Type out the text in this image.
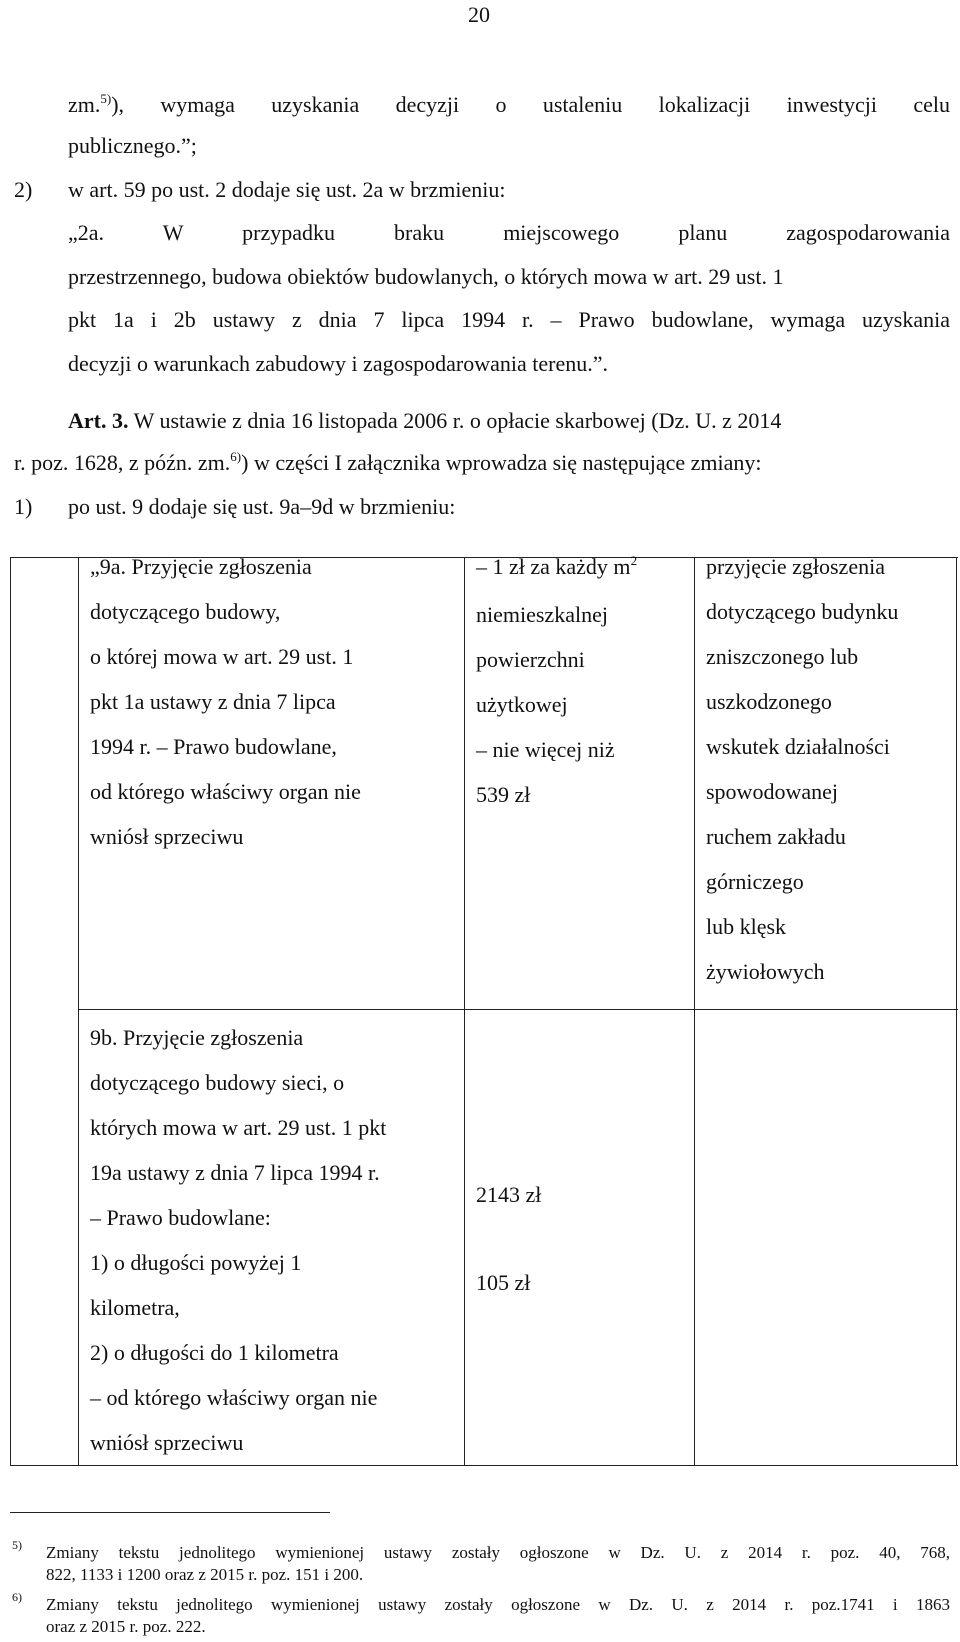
20
zm.$^{5)}$), wymaga uzyskania decyzji o ustaleniu lokalizacji inwestycji celu
publicznego.”;
2) w art. 59 po ust. 2 dodaje się ust. 2a w brzmieniu:
„2a. W przypadku braku miejscowego planu zagospodarowania
przestrzennego, budowa obiektów budowlanych, o których mowa w art. 29 ust. 1
pkt 1a i 2b ustawy z dnia 7 lipca 1994 r. – Prawo budowlane, wymaga uzyskania
decyzji o warunkach zabudowy i zagospodarowania terenu.”.
Art. 3. W ustawie z dnia 16 listopada 2006 r. o opłacie skarbowej (Dz. U. z 2014
r. poz. 1628, z późn. zm.$^{6)}$) w części I załącznika wprowadza się następujące zmiany:
1) po ust. 9 dodaje się ust. 9a–9d w brzmieniu:
„9a. Przyjęcie zgłoszenia
dotyczącego budowy,
o której mowa w art. 29 ust. 1
pkt 1a ustawy z dnia 7 lipca
1994 r. – Prawo budowlane,
od którego właściwy organ nie
wniósł sprzeciwu
– 1 zł za każdy $m^2$
niemieszkalnej
powierzchni
użytkowej
– nie więcej niż
539 zł
przyjęcie zgłoszenia
dotyczącego budynku
zniszczonego lub
uszkodzonego
wskutek działalności
spowodowanej
ruchem zakładu
górniczego
lub klęsk
żywiołowych
9b. Przyjęcie zgłoszenia
dotyczącego budowy sieci, o
których mowa w art. 29 ust. 1 pkt
19a ustawy z dnia 7 lipca 1994 r.
– Prawo budowlane:
1) o długości powyżej 1
kilometra,
2) o długości do 1 kilometra
– od którego właściwy organ nie
wniósł sprzeciwu
2143 zł
105 zł
5) Zmiany tekstu jednolitego wymienionej ustawy zostały ogłoszone w Dz. U. z 2014 r. poz. 40, 768,
822, 1133 i 1200 oraz z 2015 r. poz. 151 i 200.
6) Zmiany tekstu jednolitego wymienionej ustawy zostały ogłoszone w Dz. U. z 2014 r. poz.1741 i 1863
oraz z 2015 r. poz. 222.
